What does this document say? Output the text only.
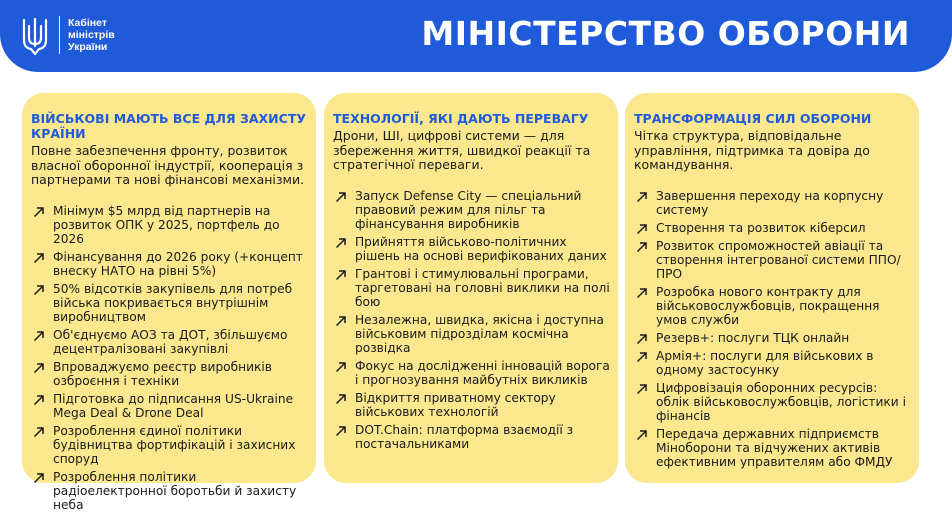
Кабінет
міністрів
України	МІНІСТЕРСТВО ОБОРОНИ
ВІЙСЬКОВІ МАЮТЬ ВСЕ ДЛЯ ЗАХИСТУ КРАЇНИ
Повне забезпечення фронту, розвиток власної оборонної індустрії, кооперація з партнерами та нові фінансові механізми.
Мінімум $5 млрд від партнерів на розвиток ОПК у 2025, портфель до 2026
Фінансування до 2026 року (+концепт внеску НАТО на рівні 5%)
50% відсотків закупівель для потреб війська покривається внутрішнім виробництвом
Об'єднуємо АОЗ та ДОТ, збільшуємо децентралізовані закупівлі
Впроваджуємо реєстр виробників озброєння і техніки
Підготовка до підписання US-Ukraine Mega Deal & Drone Deal
Розроблення єдиної політики будівництва фортифікацій і захисних споруд
Розроблення політики радіоелектронної боротьби й захисту неба
ТЕХНОЛОГІЇ, ЯКІ ДАЮТЬ ПЕРЕВАГУ
Дрони, ШІ, цифрові системи — для збереження життя, швидкої реакції та стратегічної переваги.
Запуск Defense City — спеціальний правовий режим для пільг та фінансування виробників
Прийняття військово-політичних рішень на основі верифікованих даних
Грантові і стимулювальні програми, таргетовані на головні виклики на полі бою
Незалежна, швидка, якісна і доступна військовим підрозділам космічна розвідка
Фокус на дослідженні інновацій ворога і прогнозування майбутніх викликів
Відкриття приватному сектору військових технологій
DOT.Chain: платформа взаємодії з постачальниками
ТРАНСФОРМАЦІЯ СИЛ ОБОРОНИ
Чітка структура, відповідальне управління, підтримка та довіра до командування.
Завершення переходу на корпусну систему
Створення та розвиток кіберсил
Розвиток спроможностей авіації та створення інтегрованої системи ППО/ПРО
Розробка нового контракту для військовослужбовців, покращення умов служби
Резерв+: послуги ТЦК онлайн
Армія+: послуги для військових в одному застосунку
Цифровізація оборонних ресурсів: облік військовослужбовців, логістики і фінансів
Передача державних підприємств Міноборони та відчужених активів ефективним управителям або ФМДУ
